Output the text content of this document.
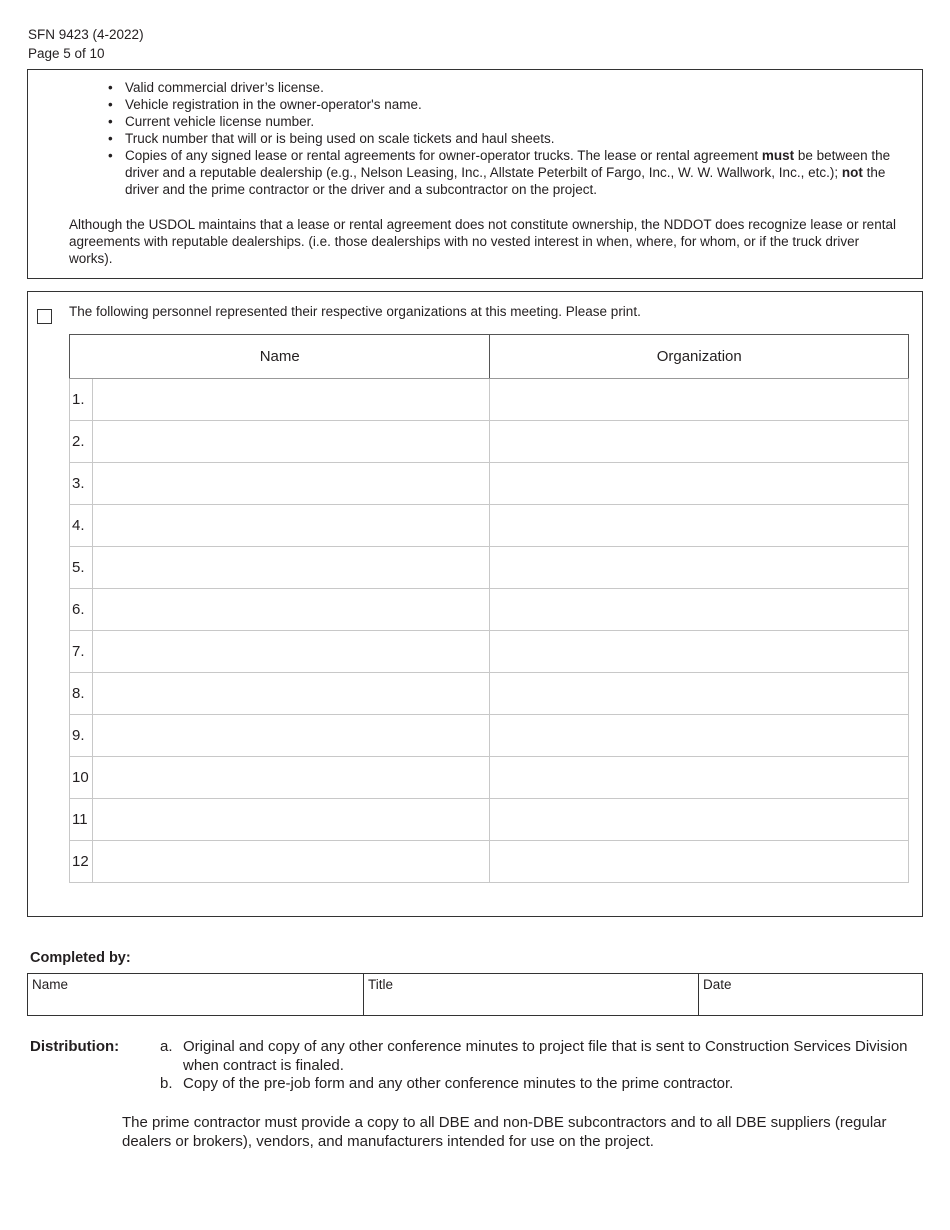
SFN 9423 (4-2022)
Page 5 of 10
• Valid commercial driver’s license.
• Vehicle registration in the owner-operator's name.
• Current vehicle license number.
• Truck number that will or is being used on scale tickets and haul sheets.
• Copies of any signed lease or rental agreements for owner-operator trucks. The lease or rental agreement must be between the driver and a reputable dealership (e.g., Nelson Leasing, Inc., Allstate Peterbilt of Fargo, Inc., W. W. Wallwork, Inc., etc.); not the driver and the prime contractor or the driver and a subcontractor on the project.

Although the USDOL maintains that a lease or rental agreement does not constitute ownership, the NDDOT does recognize lease or rental agreements with reputable dealerships. (i.e. those dealerships with no vested interest in when, where, for whom, or if the truck driver works).

The following personnel represented their respective organizations at this meeting. Please print.
Name		Organization
1.		
2.		
3.		
4.		
5.		
6.		
7.		
8.		
9.		
10		
11		
12		
Completed by:
Name	Title	Date
Distribution:	a. Original and copy of any other conference minutes to project file that is sent to Construction Services Division when contract is finaled.
b. Copy of the pre-job form and any other conference minutes to the prime contractor.

The prime contractor must provide a copy to all DBE and non-DBE subcontractors and to all DBE suppliers (regular dealers or brokers), vendors, and manufacturers intended for use on the project.
